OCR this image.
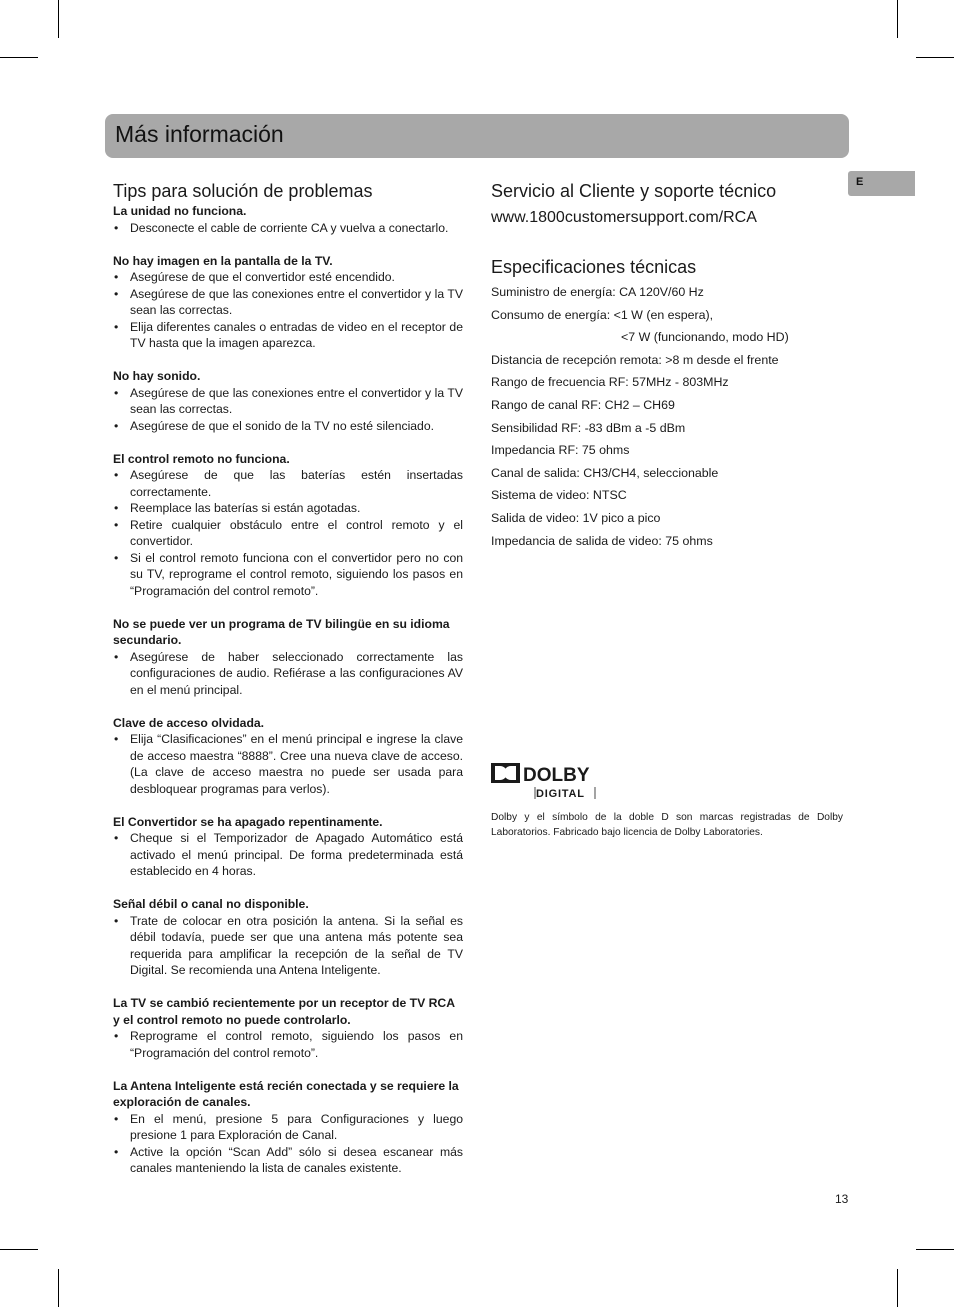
Más información
E
Tips para solución de problemas
La unidad no funciona.
• Desconecte el cable de corriente CA y vuelva a conectarlo.
No hay imagen en la pantalla de la TV.
• Asegúrese de que el convertidor esté encendido.
• Asegúrese de que las conexiones entre el convertidor y la TV sean las correctas.
• Elija diferentes canales o entradas de video en el receptor de TV hasta que la imagen aparezca.
No hay sonido.
• Asegúrese de que las conexiones entre el convertidor y la TV sean las correctas.
• Asegúrese de que el sonido de la TV no esté silenciado.
El control remoto no funciona.
• Asegúrese de que las baterías estén insertadas correctamente.
• Reemplace las baterías si están agotadas.
• Retire cualquier obstáculo entre el control remoto y el convertidor.
• Si el control remoto funciona con el convertidor pero no con su TV, reprograme el control remoto, siguiendo los pasos en “Programación del control remoto”.
No se puede ver un programa de TV bilingüe en su idioma secundario.
• Asegúrese de haber seleccionado correctamente las configuraciones de audio. Refiérase a las configuraciones AV en el menú principal.
Clave de acceso olvidada.
• Elija “Clasificaciones” en el menú principal e ingrese la clave de acceso maestra “8888”. Cree una nueva clave de acceso. (La clave de acceso maestra no puede ser usada para desbloquear programas para verlos).
El Convertidor se ha apagado repentinamente.
• Cheque si el Temporizador de Apagado Automático está activado el menú principal. De forma predeterminada está establecido en 4 horas.
Señal débil o canal no disponible.
• Trate de colocar en otra posición la antena. Si la señal es débil todavía, puede ser que una antena más potente sea requerida para amplificar la recepción de la señal de TV Digital. Se recomienda una Antena Inteligente.
La TV se cambió recientemente por un receptor de TV RCA y el control remoto no puede controlarlo.
• Reprograme el control remoto, siguiendo los pasos en “Programación del control remoto”.
La Antena Inteligente está recién conectada y se requiere la exploración de canales.
• En el menú, presione 5 para Configuraciones y luego presione 1 para Exploración de Canal.
• Active la opción “Scan Add” sólo si desea escanear más canales manteniendo la lista de canales existente.
Servicio al Cliente y soporte técnico
www.1800customersupport.com/RCA
Especificaciones técnicas
Suministro de energía: CA 120V/60 Hz
Consumo de energía: <1 W (en espera),
<7 W (funcionando, modo HD)
Distancia de recepción remota: >8 m desde el frente
Rango de frecuencia RF: 57MHz - 803MHz
Rango de canal RF: CH2 – CH69
Sensibilidad RF: -83 dBm a -5 dBm
Impedancia RF: 75 ohms
Canal de salida: CH3/CH4, seleccionable
Sistema de video: NTSC
Salida de video: 1V pico a pico
Impedancia de salida de video: 75 ohms
DOLBY
DIGITAL
Dolby y el símbolo de la doble D son marcas registradas de Dolby Laboratorios. Fabricado bajo licencia de Dolby Laboratories.
13
